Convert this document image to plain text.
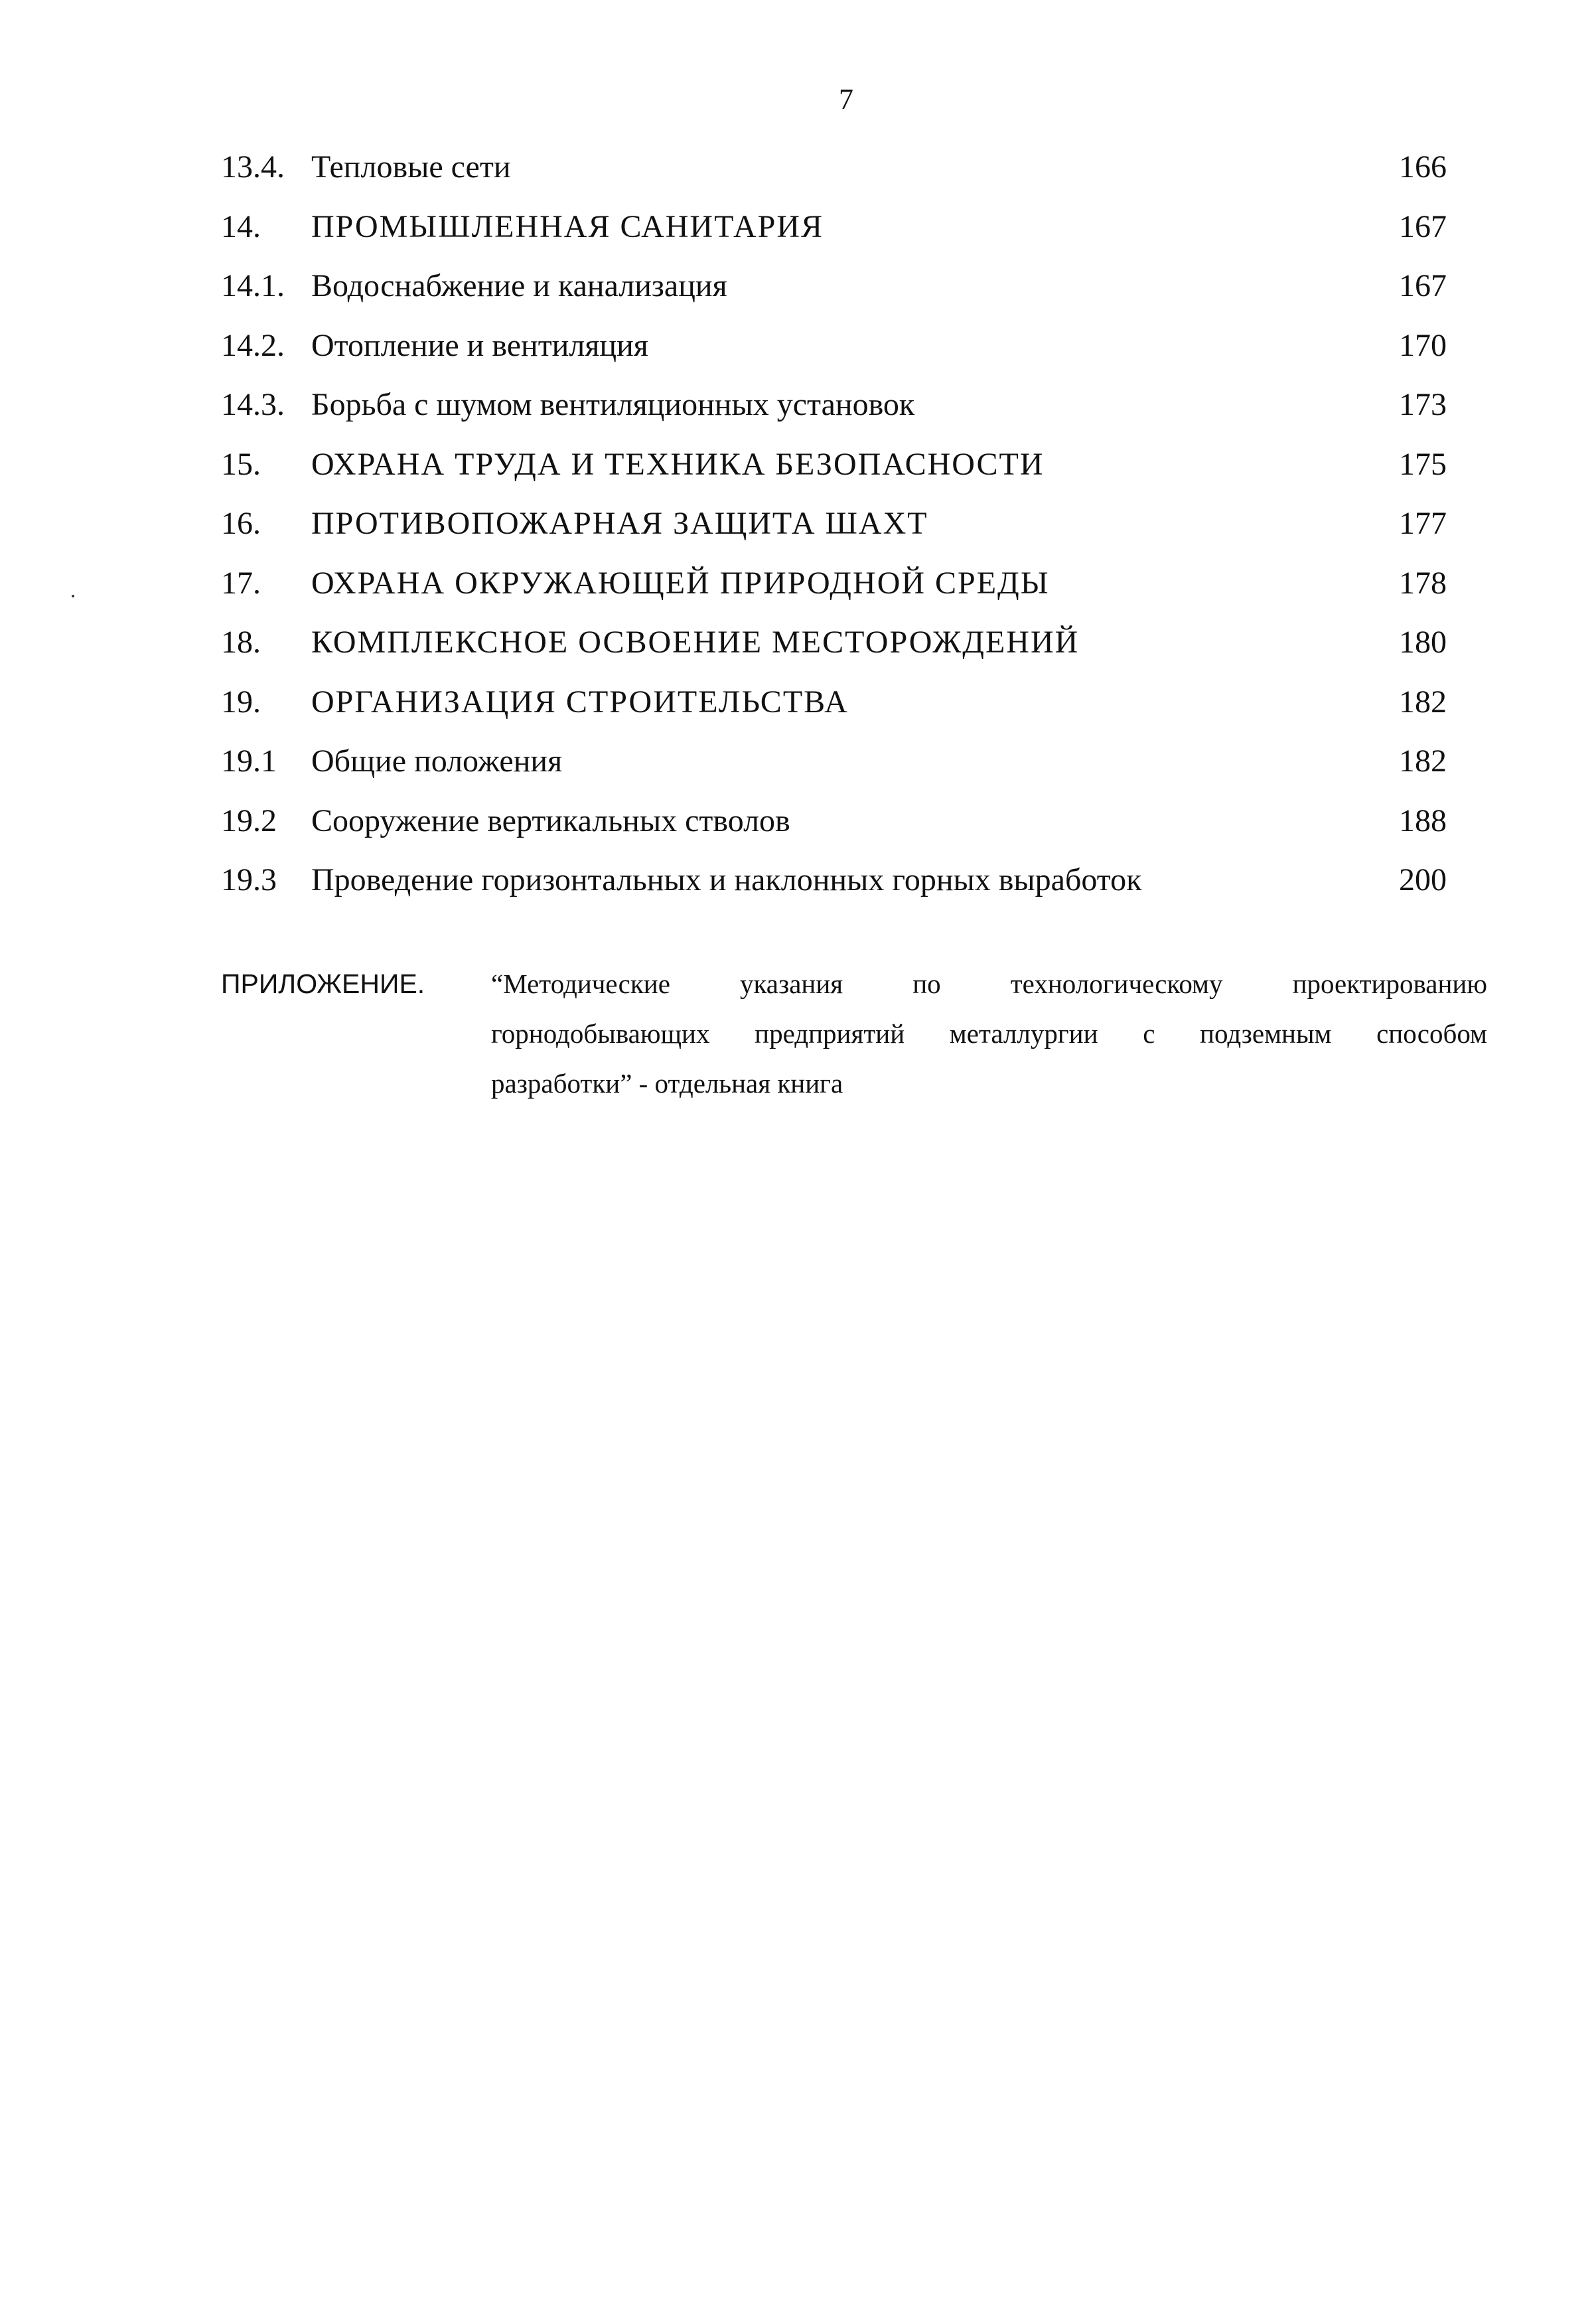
7
13.4. Тепловые сети	166
14. ПРОМЫШЛЕННАЯ САНИТАРИЯ	167
14.1. Водоснабжение и канализация	167
14.2. Отопление и вентиляция	170
14.3. Борьба с шумом вентиляционных установок	173
15. ОХРАНА ТРУДА И ТЕХНИКА БЕЗОПАСНОСТИ	175
16. ПРОТИВОПОЖАРНАЯ ЗАЩИТА ШАХТ	177
17. ОХРАНА ОКРУЖАЮЩЕЙ ПРИРОДНОЙ СРЕДЫ	178
18. КОМПЛЕКСНОЕ ОСВОЕНИЕ МЕСТОРОЖДЕНИЙ	180
19. ОРГАНИЗАЦИЯ СТРОИТЕЛЬСТВА	182
19.1 Общие положения	182
19.2 Сооружение вертикальных стволов	188
19.3 Проведение горизонтальных и наклонных горных выработок	200
ПРИЛОЖЕНИЕ. “Методические указания по технологическому проектированию
горнодобывающих предприятий металлургии с подземным способом
разработки” - отдельная книга
